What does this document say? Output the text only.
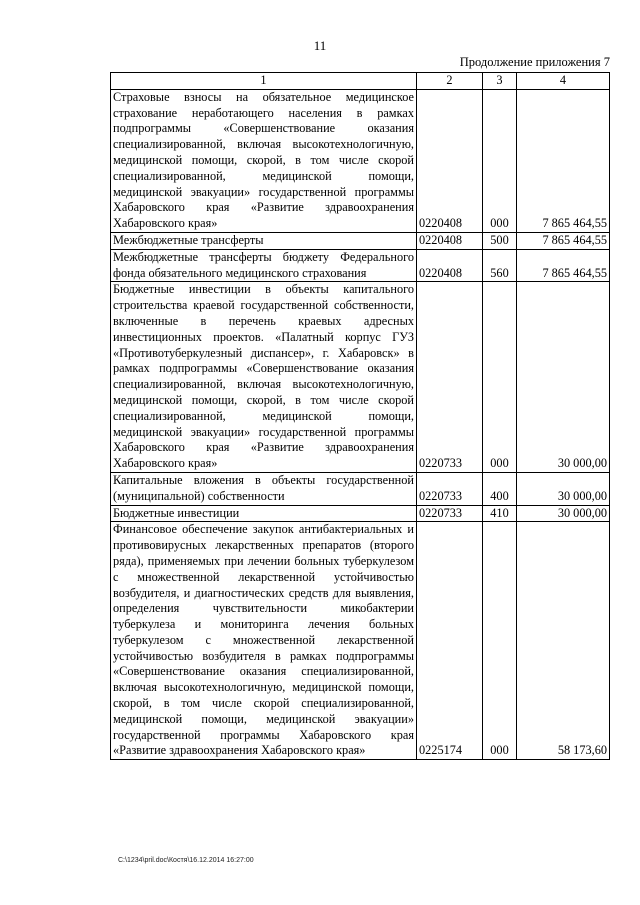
11
Продолжение приложения 7
1	2	3	4
Страховые взносы на обязательное медицинское страхование неработающего населения в рамках подпрограммы «Совершенствование оказания специализированной, включая высокотехнологичную, медицинской помощи, скорой, в том числе скорой специализированной, медицинской помощи, медицинской эвакуации» государственной программы Хабаровского края «Развитие здравоохранения Хабаровского края»	0220408	000	7 865 464,55
Межбюджетные трансферты	0220408	500	7 865 464,55
Межбюджетные трансферты бюджету Федерального фонда обязательного медицинского страхования	0220408	560	7 865 464,55
Бюджетные инвестиции в объекты капитального строительства краевой государственной собственности, включенные в перечень краевых адресных инвестиционных проектов. «Палатный корпус ГУЗ «Противотуберкулезный диспансер», г. Хабаровск» в рамках подпрограммы «Совершенствование оказания специализированной, включая высокотехнологичную, медицинской помощи, скорой, в том числе скорой специализированной, медицинской помощи, медицинской эвакуации» государственной программы Хабаровского края «Развитие здравоохранения Хабаровского края»	0220733	000	30 000,00
Капитальные вложения в объекты государственной (муниципальной) собственности	0220733	400	30 000,00
Бюджетные инвестиции	0220733	410	30 000,00
Финансовое обеспечение закупок антибактериальных и противовирусных лекарственных препаратов (второго ряда), применяемых при лечении больных туберкулезом с множественной лекарственной устойчивостью возбудителя, и диагностических средств для выявления, определения чувствительности микобактерии туберкулеза и мониторинга лечения больных туберкулезом с множественной лекарственной устойчивостью возбудителя в рамках подпрограммы «Совершенствование оказания специализированной, включая высокотехнологичную, медицинской помощи, скорой, в том числе скорой специализированной, медицинской помощи, медицинской эвакуации» государственной программы Хабаровского края «Развитие здравоохранения Хабаровского края»	0225174	000	58 173,60
C:\1234\pril.doc\Костя\16.12.2014 16:27:00
